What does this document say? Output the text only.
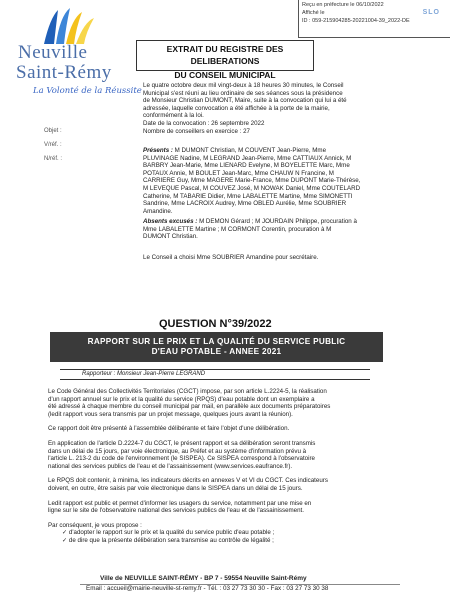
Reçu en préfecture le 06/10/2022
Affiché le
ID : 059-215904285-20221004-39_2022-DE
SLO
Neuville
Saint-Rémy
La Volonté de la Réussite
Objet :
V/réf. :
N/réf. :
EXTRAIT DU REGISTRE DES DELIBERATIONS
DU CONSEIL MUNICIPAL
Le quatre octobre deux mil vingt-deux à 18 heures 30 minutes, le Conseil
Municipal s'est réuni au lieu ordinaire de ses séances sous la présidence
de Monsieur Christian DUMONT, Maire, suite à la convocation qui lui a été
adressée, laquelle convocation a été affichée à la porte de la mairie,
conformément à la loi.
Date de la convocation : 26 septembre 2022
Nombre de conseillers en exercice : 27
Présents : M DUMONT Christian, M COUVENT Jean-Pierre, Mme
PLUVINAGE Nadine, M LEGRAND Jean-Pierre, Mme CATTIAUX Annick, M
BARBRY Jean-Marie, Mme LIENARD Evelyne, M BOYELETTE Marc, Mme
POTAUX Annie, M BOULET Jean-Marc, Mme CHAUW N Francine, M
CARRIERE Guy, Mme MAGERE Marie-France, Mme DUPONT Marie-Thérèse,
M LEVEQUE Pascal, M COUVEZ José, M NOWAK Daniel, Mme COUTELARD
Catherine, M TABARIE Didier, Mme LABALETTE Martine, Mme SIMONETTI
Sandrine, Mme LACROIX Audrey, Mme OBLED Aurélie, Mme SOUBRIER
Amandine.
Absents excusés : M DEMON Gérard ; M JOURDAIN Philippe, procuration à
Mme LABALETTE Martine ; M CORMONT Corentin, procuration à M
DUMONT Christian.
Le Conseil a choisi Mme SOUBRIER Amandine pour secrétaire.
QUESTION N°39/2022
RAPPORT SUR LE PRIX ET LA QUALITÉ DU SERVICE PUBLIC
D'EAU POTABLE - ANNEE 2021
Rapporteur : Monsieur Jean-Pierre LEGRAND
Le Code Général des Collectivités Territoriales (CGCT) impose, par son article L.2224-5, la réalisation
d'un rapport annuel sur le prix et la qualité du service (RPQS) d'eau potable dont un exemplaire a
été adressé à chaque membre du conseil municipal par mail, en parallèle aux documents préparatoires
(ledit rapport vous sera transmis par un projet message, quelques jours avant la réunion).
Ce rapport doit être présenté à l'assemblée délibérante et faire l'objet d'une délibération.
En application de l'article D.2224-7 du CGCT, le présent rapport et sa délibération seront transmis
dans un délai de 15 jours, par voie électronique, au Préfet et au système d'information prévu à
l'article L. 213-2 du code de l'environnement (le SISPEA). Ce SISPEA correspond à l'observatoire
national des services publics de l'eau et de l'assainissement (www.services.eaufrance.fr).
Le RPQS doit contenir, à minima, les indicateurs décrits en annexes V et VI du CGCT. Ces indicateurs
doivent, en outre, être saisis par voie électronique dans le SISPEA dans un délai de 15 jours.
Ledit rapport est public et permet d'informer les usagers du service, notamment par une mise en
ligne sur le site de l'observatoire national des services publics de l'eau et de l'assainissement.
Par conséquent, je vous propose :
✓ d'adopter le rapport sur le prix et la qualité du service public d'eau potable ;
✓ de dire que la présente délibération sera transmise au contrôle de légalité ;
Ville de NEUVILLE SAINT-RÉMY - BP 7 - 59554 Neuville Saint-Rémy
Email : accueil@mairie-neuville-st-remy.fr - Tél. : 03 27 73 30 30 - Fax : 03 27 73 30 38
